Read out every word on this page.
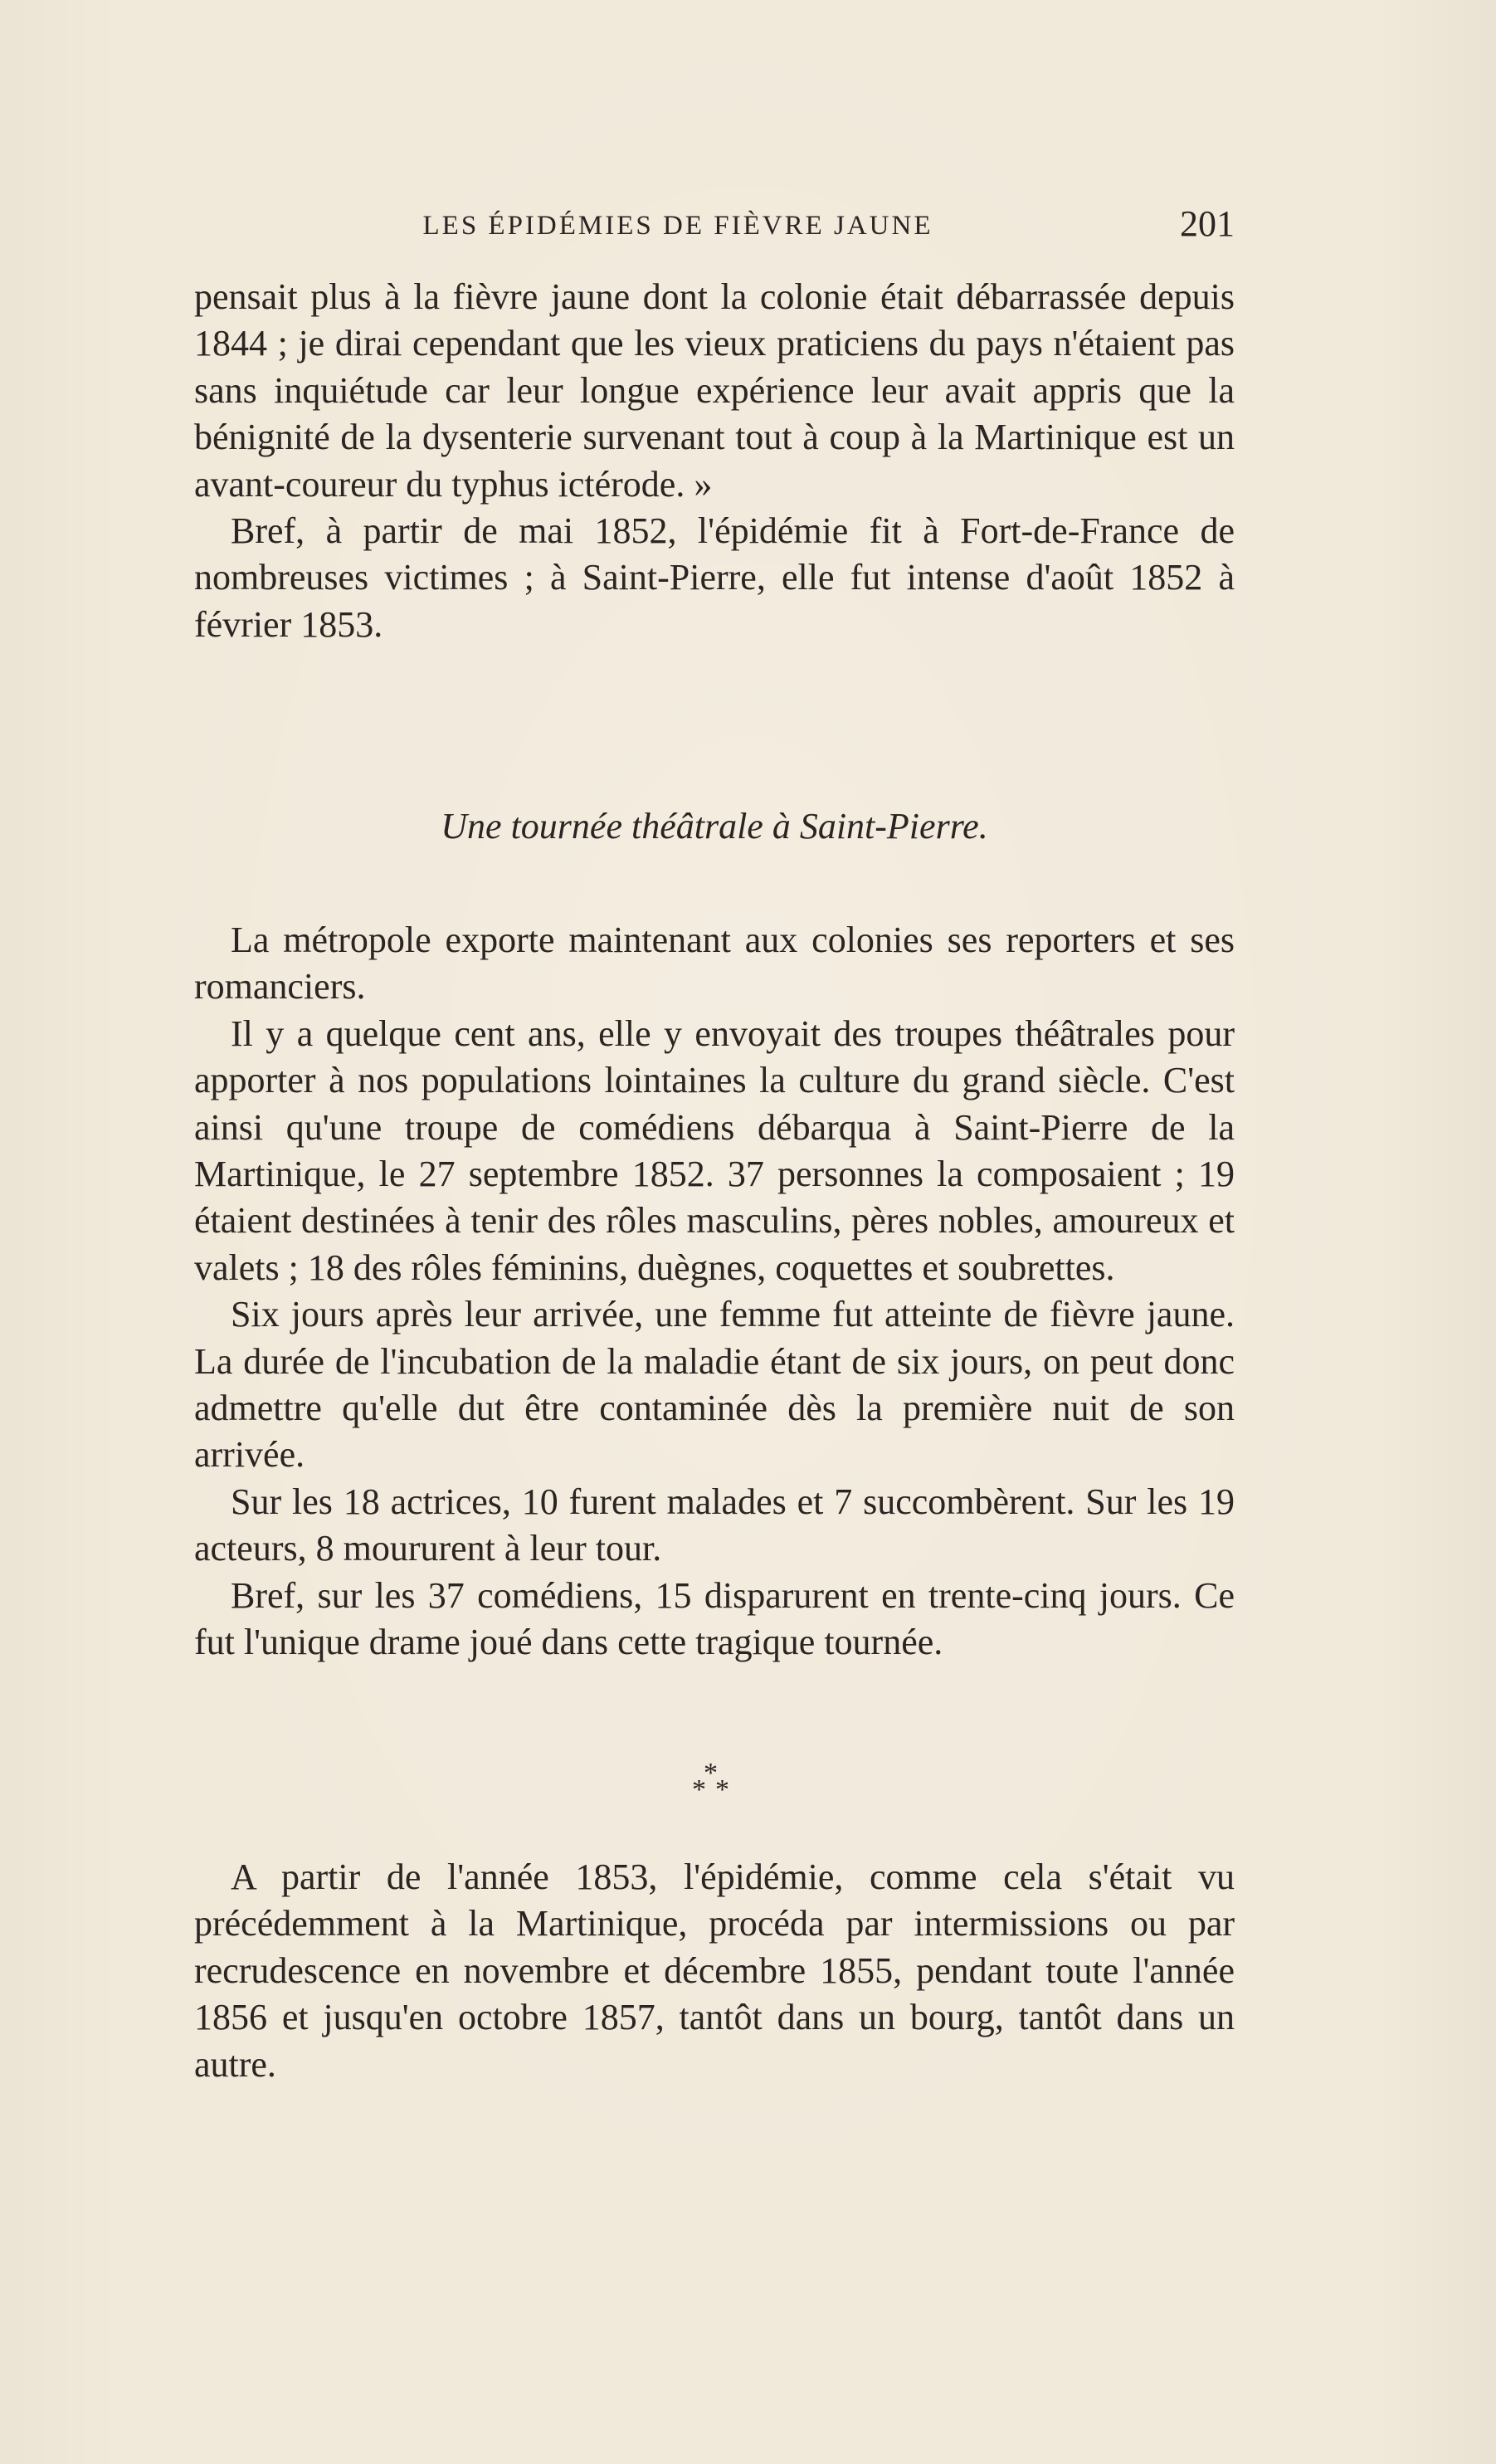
LES ÉPIDÉMIES DE FIÈVRE JAUNE	201

pensait plus à la fièvre jaune dont la colonie était débarrassée depuis 1844 ; je dirai cependant que les vieux praticiens du pays n'étaient pas sans inquiétude car leur longue expérience leur avait appris que la bénignité de la dysenterie survenant tout à coup à la Martinique est un avant-coureur du typhus ictérode. »

Bref, à partir de mai 1852, l'épidémie fit à Fort-de-France de nombreuses victimes ; à Saint-Pierre, elle fut intense d'août 1852 à février 1853.

Une tournée théâtrale à Saint-Pierre.

La métropole exporte maintenant aux colonies ses reporters et ses romanciers.

Il y a quelque cent ans, elle y envoyait des troupes théâtrales pour apporter à nos populations lointaines la culture du grand siècle. C'est ainsi qu'une troupe de comédiens débarqua à Saint-Pierre de la Martinique, le 27 septembre 1852. 37 personnes la composaient ; 19 étaient destinées à tenir des rôles masculins, pères nobles, amoureux et valets ; 18 des rôles féminins, duègnes, coquettes et soubrettes.

Six jours après leur arrivée, une femme fut atteinte de fièvre jaune. La durée de l'incubation de la maladie étant de six jours, on peut donc admettre qu'elle dut être contaminée dès la première nuit de son arrivée.

Sur les 18 actrices, 10 furent malades et 7 succombèrent. Sur les 19 acteurs, 8 moururent à leur tour.

Bref, sur les 37 comédiens, 15 disparurent en trente-cinq jours. Ce fut l'unique drame joué dans cette tragique tournée.

*
* *

A partir de l'année 1853, l'épidémie, comme cela s'était vu précédemment à la Martinique, procéda par intermissions ou par recrudescence en novembre et décembre 1855, pendant toute l'année 1856 et jusqu'en octobre 1857, tantôt dans un bourg, tantôt dans un autre.
